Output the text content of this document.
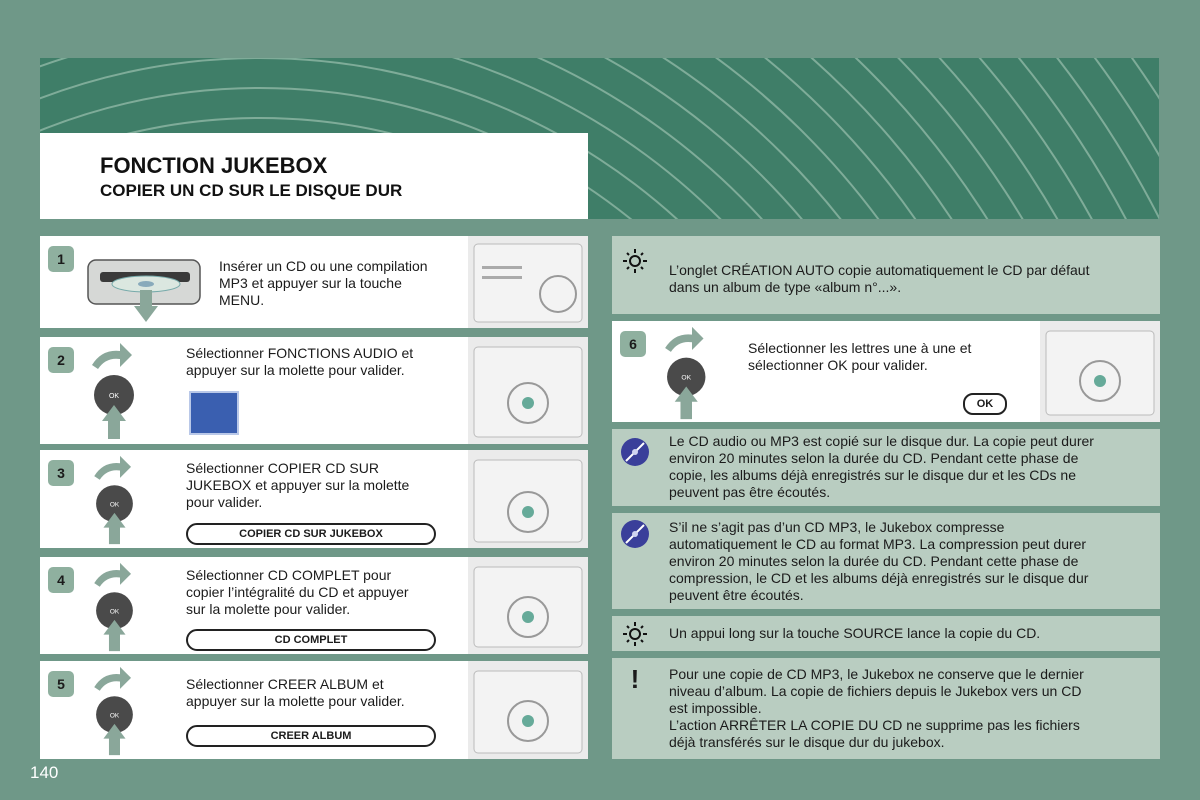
FONCTION JUKEBOX
COPIER UN CD SUR LE DISQUE DUR
1	Insérer un CD ou une compilation
MP3 et appuyer sur la touche
MENU.
2
OK
Sélectionner FONCTIONS AUDIO et
appuyer sur la molette pour valider.
3
OK
Sélectionner COPIER CD SUR
JUKEBOX et appuyer sur la molette
pour valider.
COPIER CD SUR JUKEBOX
4
OK
Sélectionner CD COMPLET pour
copier l’intégralité du CD et appuyer
sur la molette pour valider.
CD COMPLET
5
OK
Sélectionner CREER ALBUM et
appuyer sur la molette pour valider.
CREER ALBUM
L’onglet CRÉATION AUTO copie automatiquement le CD par défaut
dans un album de type «album n°...».
6
OK
Sélectionner les lettres une à une et
sélectionner OK pour valider.
OK
Le CD audio ou MP3 est copié sur le disque dur. La copie peut durer
environ 20 minutes selon la durée du CD. Pendant cette phase de
copie, les albums déjà enregistrés sur le disque dur et les CDs ne
peuvent pas être écoutés.
S’il ne s’agit pas d’un CD MP3, le Jukebox compresse
automatiquement le CD au format MP3. La compression peut durer
environ 20 minutes selon la durée du CD. Pendant cette phase de
compression, le CD et les albums déjà enregistrés sur le disque dur
peuvent être écoutés.
Un appui long sur la touche SOURCE lance la copie du CD.
!	Pour une copie de CD MP3, le Jukebox ne conserve que le dernier
niveau d’album. La copie de fichiers depuis le Jukebox vers un CD
est impossible.
L’action ARRÊTER LA COPIE DU CD ne supprime pas les fichiers
déjà transférés sur le disque dur du jukebox.
140
